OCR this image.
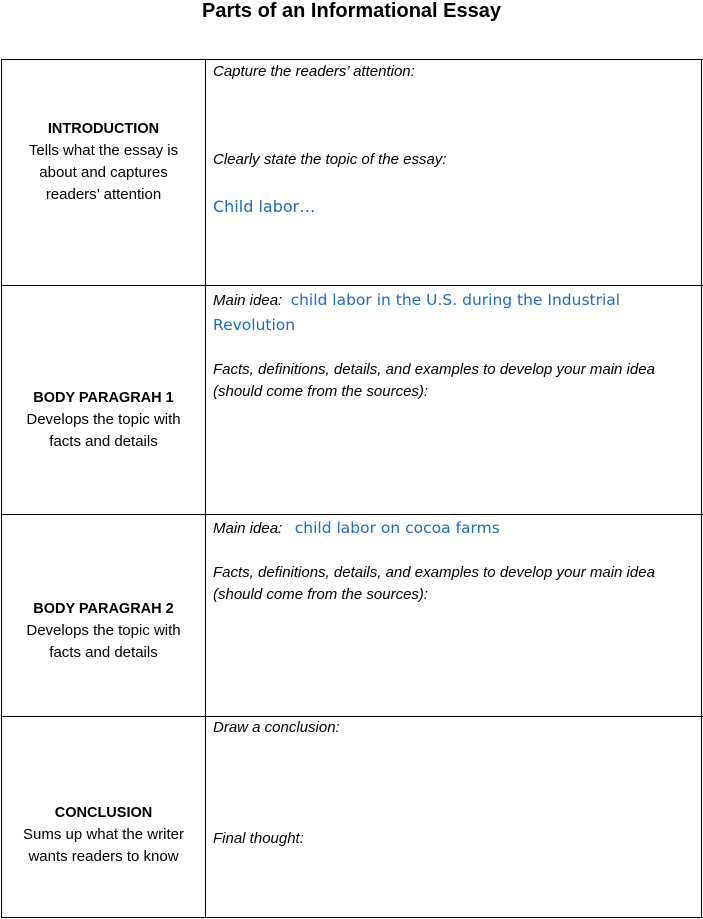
Parts of an Informational Essay
INTRODUCTION
Tells what the essay is about and captures readers’ attention
Capture the readers’ attention:
Clearly state the topic of the essay:
Child labor…
BODY PARAGRAH 1
Develops the topic with facts and details
Main idea: child labor in the U.S. during the Industrial Revolution
Facts, definitions, details, and examples to develop your main idea (should come from the sources):
BODY PARAGRAH 2
Develops the topic with facts and details
Main idea: child labor on cocoa farms
Facts, definitions, details, and examples to develop your main idea (should come from the sources):
CONCLUSION
Sums up what the writer wants readers to know
Draw a conclusion:
Final thought:
